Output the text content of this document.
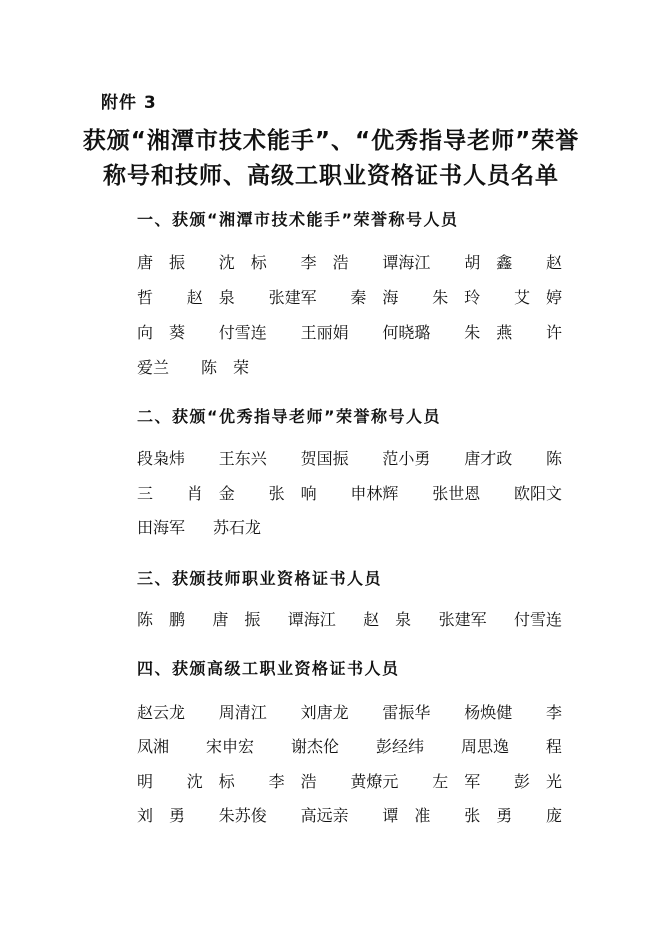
附件 3
获颁“湘潭市技术能手”、“优秀指导老师”荣誉
称号和技师、高级工职业资格证书人员名单
一、获颁“湘潭市技术能手”荣誉称号人员
唐　振 沈　标 李　浩 谭海江 胡　鑫 赵
哲 赵　泉 张建军 秦　海 朱　玲 艾　婷
向　葵 付雪连 王丽娟 何晓璐 朱　燕 许
爱兰 陈　荣
二、获颁“优秀指导老师”荣誉称号人员
段枭炜 王东兴 贺国振 范小勇 唐才政 陈
三 肖　金 张　响 申林辉 张世恩 欧阳文
田海军 苏石龙
三、获颁技师职业资格证书人员
陈　鹏 唐　振 谭海江 赵　泉 张建军 付雪连
四、获颁高级工职业资格证书人员
赵云龙 周清江 刘唐龙 雷振华 杨焕健 李
凤湘 宋申宏 谢杰伦 彭经纬 周思逸 程
明 沈　标 李　浩 黄燎元 左　军 彭　光
刘　勇 朱苏俊 高远亲 谭　准 张　勇 庞
